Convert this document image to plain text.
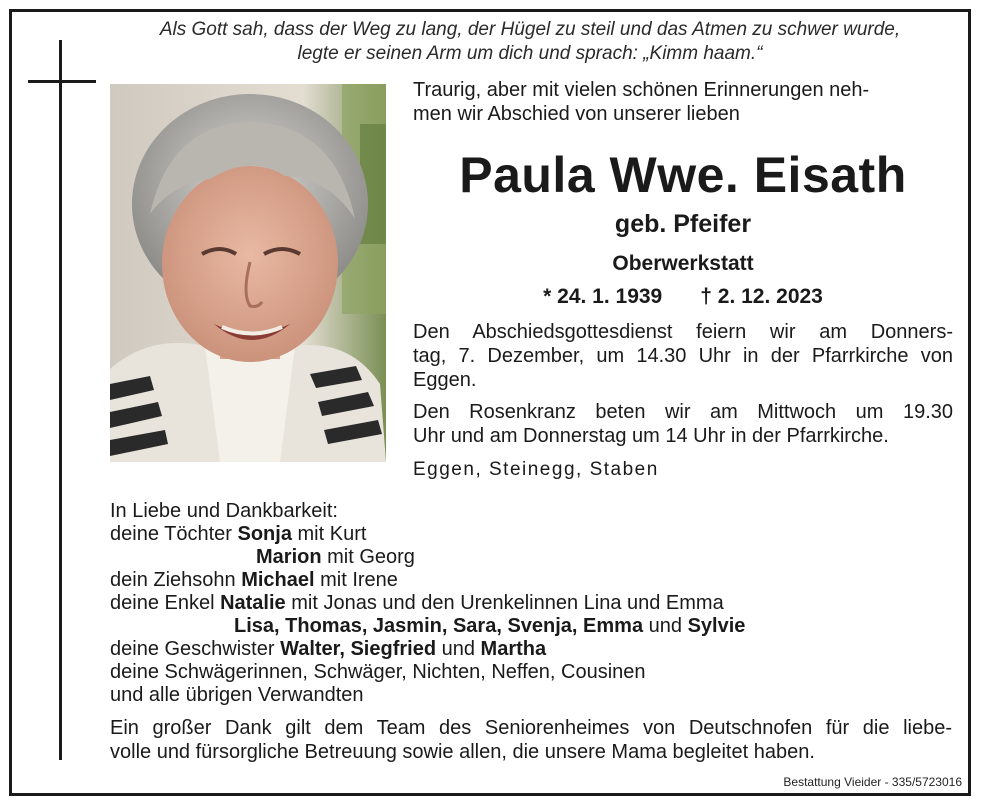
Als Gott sah, dass der Weg zu lang, der Hügel zu steil und das Atmen zu schwer wurde,
legte er seinen Arm um dich und sprach: „Kimm haam.“
Traurig, aber mit vielen schönen Erinnerungen neh-
men wir Abschied von unserer lieben
Paula Wwe. Eisath
geb. Pfeifer
Oberwerkstatt
* 24. 1. 1939 † 2. 12. 2023
Den Abschiedsgottesdienst feiern wir am Donners-
tag, 7. Dezember, um 14.30 Uhr in der Pfarrkirche von
Eggen.
Den Rosenkranz beten wir am Mittwoch um 19.30
Uhr und am Donnerstag um 14 Uhr in der Pfarrkirche.
Eggen, Steinegg, Staben
In Liebe und Dankbarkeit:
deine Töchter Sonja mit Kurt
Marion mit Georg
dein Ziehsohn Michael mit Irene
deine Enkel Natalie mit Jonas und den Urenkelinnen Lina und Emma
Lisa, Thomas, Jasmin, Sara, Svenja, Emma und Sylvie
deine Geschwister Walter, Siegfried und Martha
deine Schwägerinnen, Schwäger, Nichten, Neffen, Cousinen
und alle übrigen Verwandten
Ein großer Dank gilt dem Team des Seniorenheimes von Deutschnofen für die liebe-
volle und fürsorgliche Betreuung sowie allen, die unsere Mama begleitet haben.
Bestattung Vieider - 335/5723016
